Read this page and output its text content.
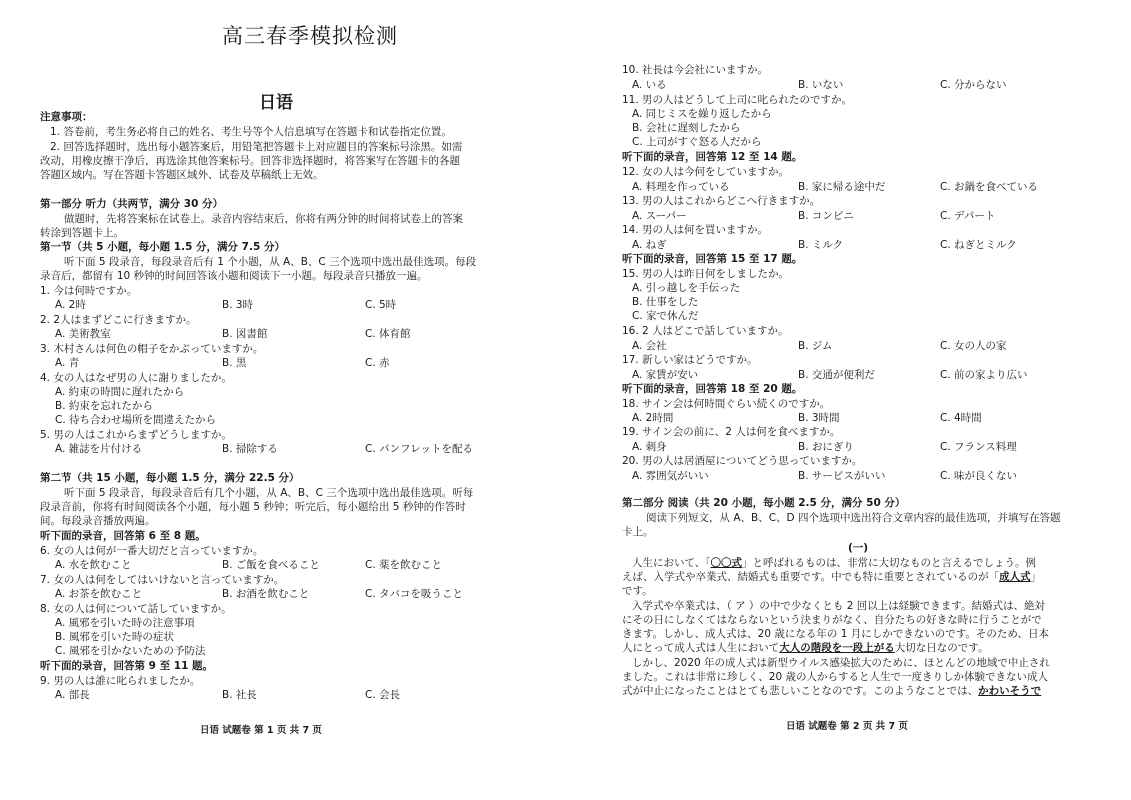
高三春季模拟检测
日语
注意事项：
1. 答卷前，考生务必将自己的姓名、考生号等个人信息填写在答题卡和试卷指定位置。
2. 回答选择题时，选出每小题答案后，用铅笔把答题卡上对应题目的答案标号涂黑。如需
改动，用橡皮擦干净后，再选涂其他答案标号。回答非选择题时，将答案写在答题卡的各题
答题区域内。写在答题卡答题区域外、试卷及草稿纸上无效。
第一部分 听力（共两节，满分 30 分）
做题时，先将答案标在试卷上。录音内容结束后，你将有两分钟的时间将试卷上的答案
转涂到答题卡上。
第一节（共 5 小题，每小题 1.5 分，满分 7.5 分）
听下面 5 段录音，每段录音后有 1 个小题，从 A、B、C 三个选项中选出最佳选项。每段
录音后，都留有 10 秒钟的时间回答该小题和阅读下一小题。每段录音只播放一遍。
1. 今は何時ですか。
A. 2時	B. 3時	C. 5時
2. 2人はまずどこに行きますか。
A. 美術教室	B. 図書館	C. 体育館
3. 木村さんは何色の帽子をかぶっていますか。
A. 青	B. 黒	C. 赤
4. 女の人はなぜ男の人に謝りましたか。
A. 約束の時間に遅れたから
B. 約束を忘れたから
C. 待ち合わせ場所を間違えたから
5. 男の人はこれからまずどうしますか。
A. 雑誌を片付ける	B. 掃除する	C. パンフレットを配る
第二节（共 15 小题，每小题 1.5 分，满分 22.5 分）
听下面 5 段录音，每段录音后有几个小题，从 A、B、C 三个选项中选出最佳选项。听每
段录音前，你将有时间阅读各个小题，每小题 5 秒钟；听完后，每小题给出 5 秒钟的作答时
间。每段录音播放两遍。
听下面的录音，回答第 6 至 8 题。
6. 女の人は何が一番大切だと言っていますか。
A. 水を飲むこと	B. ご飯を食べること	C. 薬を飲むこと
7. 女の人は何をしてはいけないと言っていますか。
A. お茶を飲むこと	B. お酒を飲むこと	C. タバコを吸うこと
8. 女の人は何について話していますか。
A. 風邪を引いた時の注意事項
B. 風邪を引いた時の症状
C. 風邪を引かないための予防法
听下面的录音，回答第 9 至 11 题。
9. 男の人は誰に叱られましたか。
A. 部長	B. 社長	C. 会長
日语 试题卷 第 1 页 共 7 页
10. 社長は今会社にいますか。
A. いる	B. いない	C. 分からない
11. 男の人はどうして上司に叱られたのですか。
A. 同じミスを繰り返したから
B. 会社に遅刻したから
C. 上司がすぐ怒る人だから
听下面的录音，回答第 12 至 14 题。
12. 女の人は今何をしていますか。
A. 料理を作っている	B. 家に帰る途中だ	C. お鍋を食べている
13. 男の人はこれからどこへ行きますか。
A. スーパー	B. コンビニ	C. デパート
14. 男の人は何を買いますか。
A. ねぎ	B. ミルク	C. ねぎとミルク
听下面的录音，回答第 15 至 17 题。
15. 男の人は昨日何をしましたか。
A. 引っ越しを手伝った
B. 仕事をした
C. 家で休んだ
16. 2 人はどこで話していますか。
A. 会社	B. ジム	C. 女の人の家
17. 新しい家はどうですか。
A. 家賃が安い	B. 交通が便利だ	C. 前の家より広い
听下面的录音，回答第 18 至 20 题。
18. サイン会は何時間ぐらい続くのですか。
A. 2時間	B. 3時間	C. 4時間
19. サイン会の前に、2 人は何を食べますか。
A. 刺身	B. おにぎり	C. フランス料理
20. 男の人は居酒屋についてどう思っていますか。
A. 雰囲気がいい	B. サービスがいい	C. 味が良くない
第二部分 阅读（共 20 小题，每小题 2.5 分，满分 50 分）
阅读下列短文，从 A、B、C、D 四个选项中选出符合文章内容的最佳选项，并填写在答题
卡上。
(一)
人生において、「〇〇式」と呼ばれるものは、非常に大切なものと言えるでしょう。例
えば、入学式や卒業式、結婚式も重要です。中でも特に重要とされているのが「成人式」
です。
入学式や卒業式は、（ ア ）の中で少なくとも 2 回以上は経験できます。結婚式は、絶対
にその日にしなくてはならないという決まりがなく、自分たちの好きな時に行うことがで
きます。しかし、成人式は、20 歳になる年の 1 月にしかできないのです。そのため、日本
人にとって成人式は人生において大人の階段を一段上がる大切な日なのです。
しかし、2020 年の成人式は新型ウイルス感染拡大のために、ほとんどの地域で中止され
ました。これは非常に珍しく、20 歳の人からすると人生で一度きりしか体験できない成人
式が中止になったことはとても悲しいことなのです。このようなことでは、かわいそうで
日语 试题卷 第 2 页 共 7 页
